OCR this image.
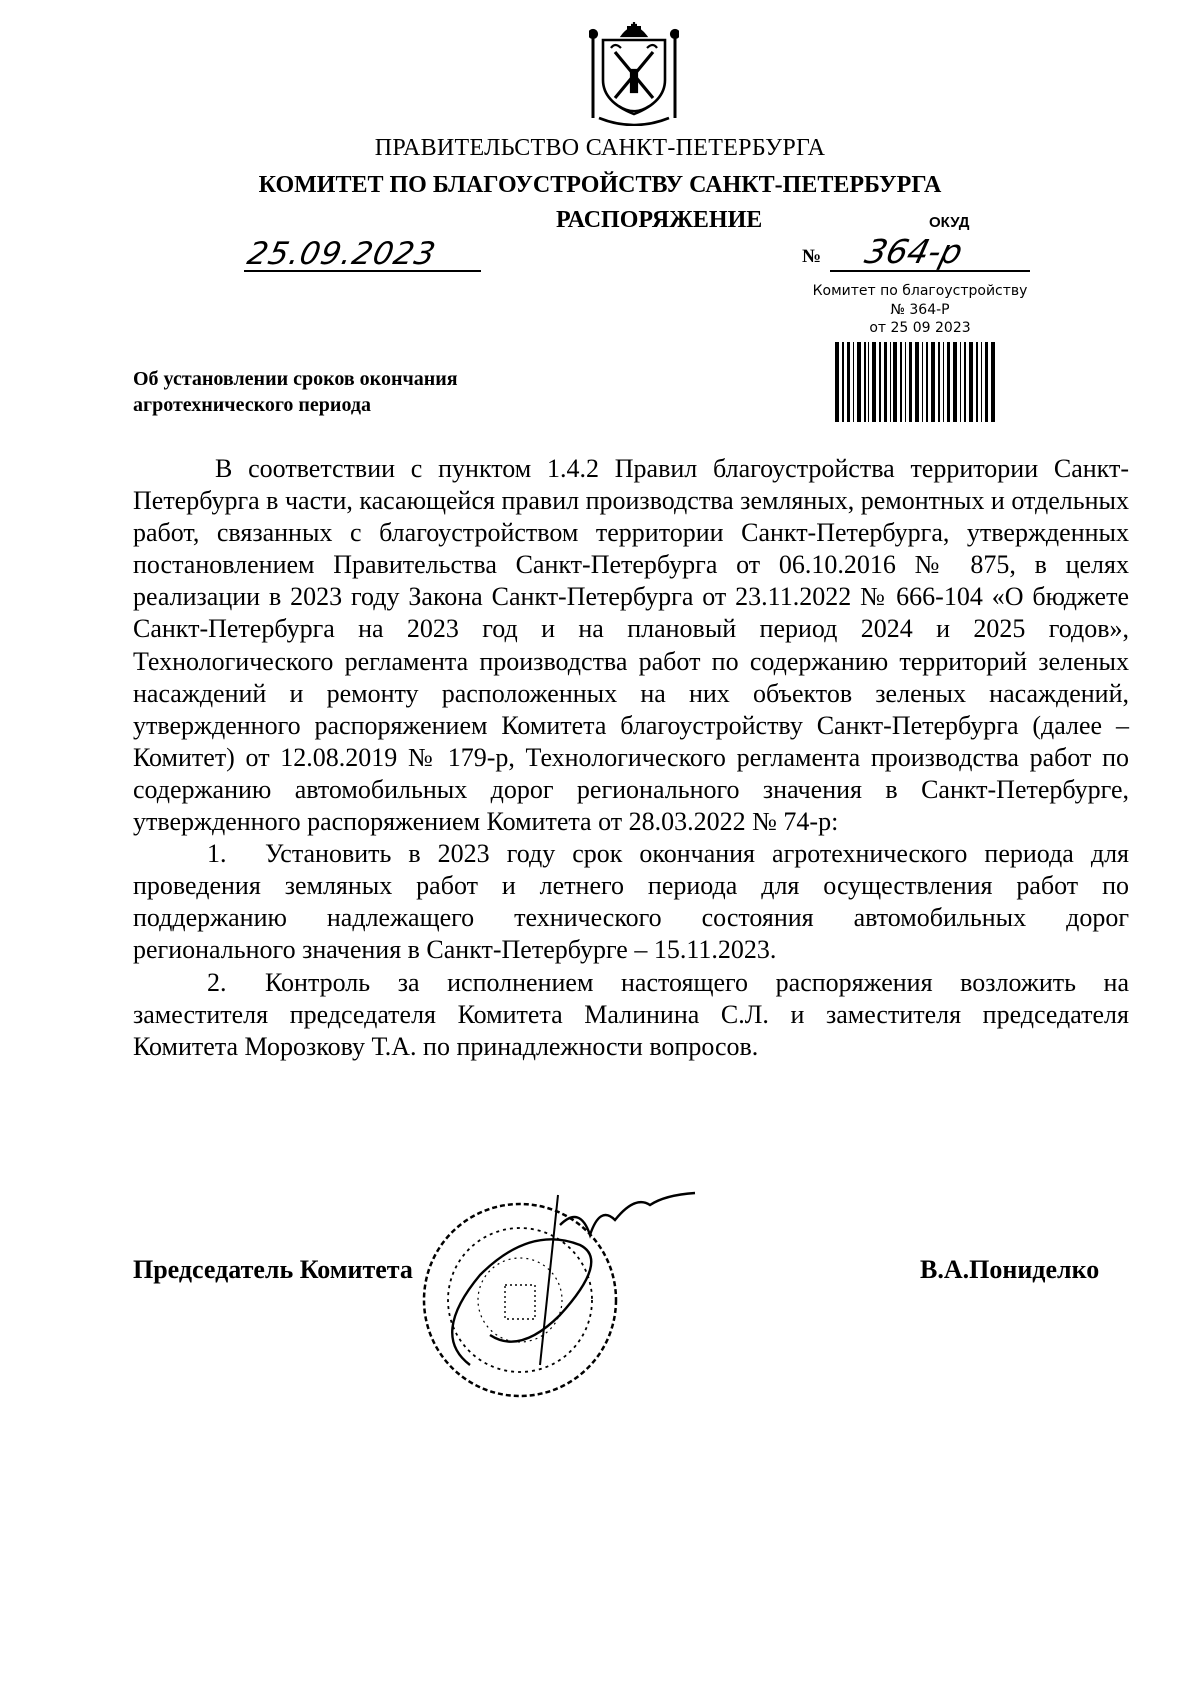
ПРАВИТЕЛЬСТВО САНКТ-ПЕТЕРБУРГА
КОМИТЕТ ПО БЛАГОУСТРОЙСТВУ САНКТ-ПЕТЕРБУРГА
РАСПОРЯЖЕНИЕ	ОКУД
25.09.2023	№ 364-р
Комитет по благоустройству
№ 364-Р
от 25 09 2023
Об установлении сроков окончания
агротехнического периода

В соответствии с пунктом 1.4.2 Правил благоустройства территории Санкт-Петербурга в части, касающейся правил производства земляных, ремонтных и отдельных работ, связанных с благоустройством территории Санкт-Петербурга, утвержденных постановлением Правительства Санкт-Петербурга от 06.10.2016 № 875, в целях реализации в 2023 году Закона Санкт-Петербурга от 23.11.2022 № 666-104 «О бюджете Санкт-Петербурга на 2023 год и на плановый период 2024 и 2025 годов», Технологического регламента производства работ по содержанию территорий зеленых насаждений и ремонту расположенных на них объектов зеленых насаждений, утвержденного распоряжением Комитета благоустройству Санкт-Петербурга (далее – Комитет) от 12.08.2019 № 179-р, Технологического регламента производства работ по содержанию автомобильных дорог регионального значения в Санкт-Петербурге, утвержденного распоряжением Комитета от 28.03.2022 № 74-р:

1. Установить в 2023 году срок окончания агротехнического периода для проведения земляных работ и летнего периода для осуществления работ по поддержанию надлежащего технического состояния автомобильных дорог регионального значения в Санкт-Петербурге – 15.11.2023.

2. Контроль за исполнением настоящего распоряжения возложить на заместителя председателя Комитета Малинина С.Л. и заместителя председателя Комитета Морозкову Т.А. по принадлежности вопросов.

Председатель Комитета	В.А.Пониделко
